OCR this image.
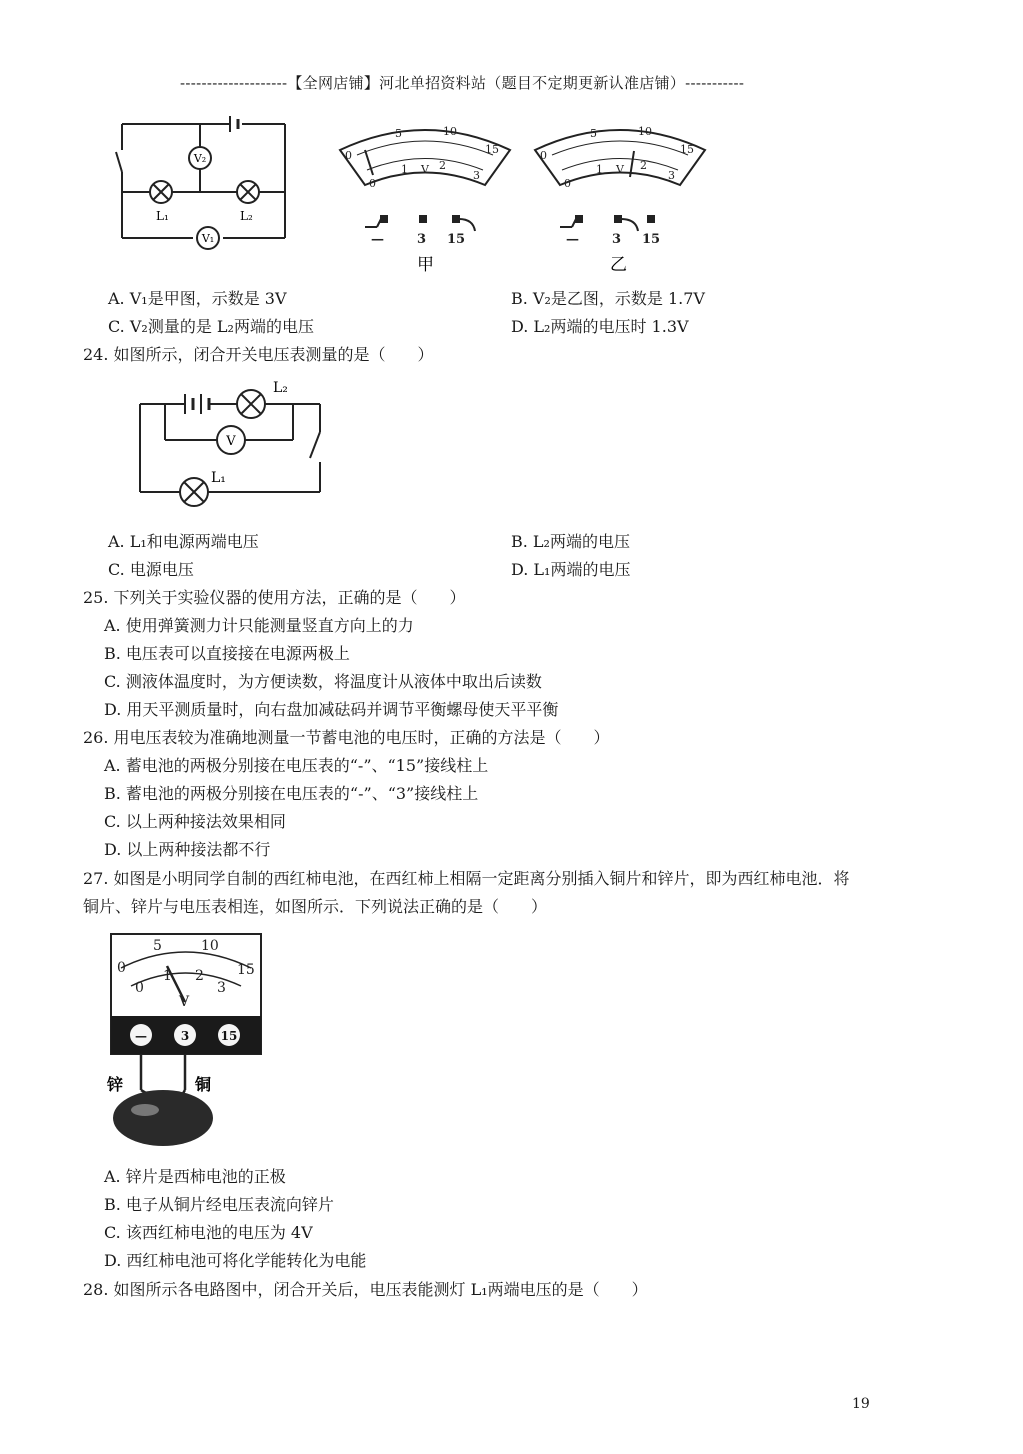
--------------------【全网店铺】河北单招资料站（题目不定期更新认准店铺）-----------
V₂
V₁
L₁	L₂
0
5	10
15
0
1 V 2
3
—	3 15
甲
0
5	10
15
0
1 V 2
3
—	3 15
乙
A. V₁是甲图，示数是 3V	B. V₂是乙图，示数是 1.7V
C. V₂测量的是 L₂两端的电压	D. L₂两端的电压时 1.3V
24. 如图所示，闭合开关电压表测量的是（　　）
L₂
V
L₁
A. L₁和电源两端电压	B. L₂两端的电压
C. 电源电压	D. L₁两端的电压
25. 下列关于实验仪器的使用方法，正确的是（　　）
A. 使用弹簧测力计只能测量竖直方向上的力
B. 电压表可以直接接在电源两极上
C. 测液体温度时，为方便读数，将温度计从液体中取出后读数
D. 用天平测质量时，向右盘加减砝码并调节平衡螺母使天平平衡
26. 用电压表较为准确地测量一节蓄电池的电压时，正确的方法是（　　）
A. 蓄电池的两极分别接在电压表的“-”、“15”接线柱上
B. 蓄电池的两极分别接在电压表的“-”、“3”接线柱上
C. 以上两种接法效果相同
D. 以上两种接法都不行
27. 如图是小明同学自制的西红柿电池，在西红柿上相隔一定距离分别插入铜片和锌片，即为西红柿电池．将
铜片、锌片与电压表相连，如图所示．下列说法正确的是（　　）
0
5	10
15
0
1 2
3
V
—	3	15
锌	铜
A. 锌片是西柿电池的正极
B. 电子从铜片经电压表流向锌片
C. 该西红柿电池的电压为 4V
D. 西红柿电池可将化学能转化为电能
28. 如图所示各电路图中，闭合开关后，电压表能测灯 L₁两端电压的是（　　）
19
